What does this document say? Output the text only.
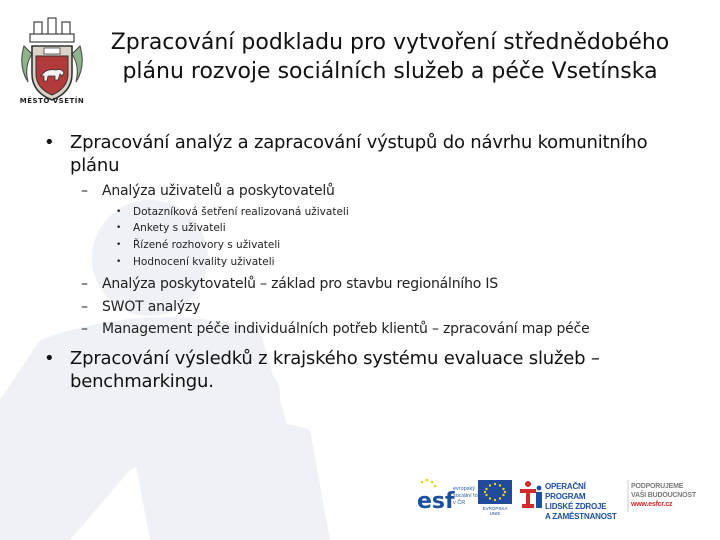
MĚSTO VSETÍN
Zpracování podkladu pro vytvoření střednědobého
plánu rozvoje sociálních služeb a péče Vsetínska
• Zpracování analýz a zapracování výstupů do návrhu komunitního
plánu
– Analýza uživatelů a poskytovatelů
• Dotazníková šetření realizovaná uživateli
• Ankety s uživateli
• Řízené rozhovory s uživateli
• Hodnocení kvality uživateli
– Analýza poskytovatelů – základ pro stavbu regionálního IS
– SWOT analýzy
– Management péče individuálních potřeb klientů – zpracování map péče
• Zpracování výsledků z krajského systému evaluace služeb –
benchmarkingu.
esf
evropský sociální fond v ČR
EVROPSKÁ UNIE
OPERAČNÍ PROGRAM
LIDSKÉ ZDROJE
A ZAMĚSTNANOST
PODPORUJEME
VAŠI BUDOUCNOST
www.esfcr.cz
